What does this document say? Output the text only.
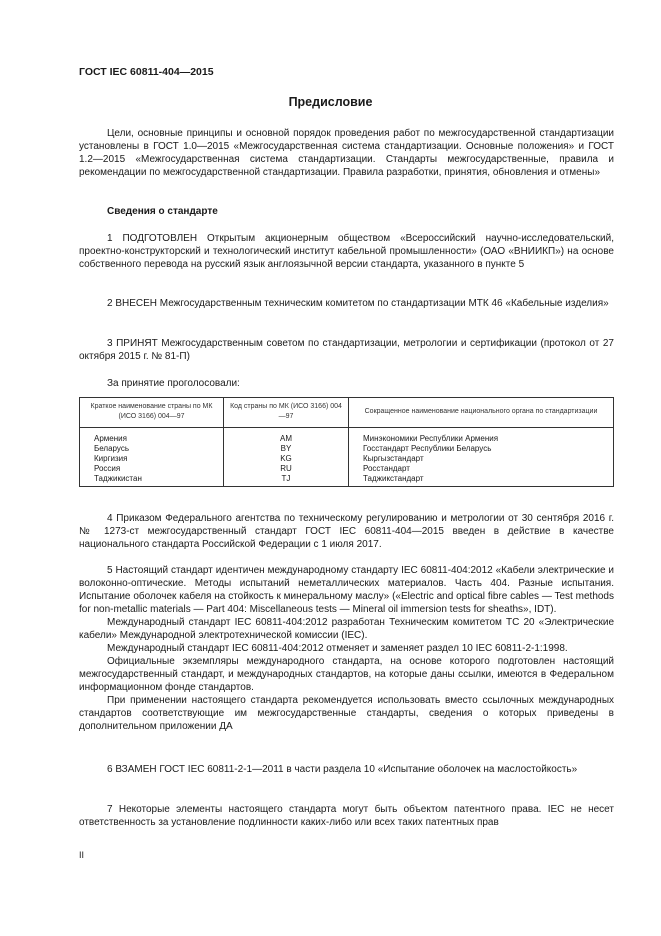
ГОСТ IEC 60811-404—2015
Предисловие

Цели, основные принципы и основной порядок проведения работ по межгосударственной стандартизации установлены в ГОСТ 1.0—2015 «Межгосударственная система стандартизации. Основные положения» и ГОСТ 1.2—2015 «Межгосударственная система стандартизации. Стандарты межгосударственные, правила и рекомендации по межгосударственной стандартизации. Правила разработки, принятия, обновления и отмены»

Сведения о стандарте

1 ПОДГОТОВЛЕН Открытым акционерным обществом «Всероссийский научно-исследовательский, проектно-конструкторский и технологический институт кабельной промышленности» (ОАО «ВНИИКП») на основе собственного перевода на русский язык англоязычной версии стандарта, указанного в пункте 5

2 ВНЕСЕН Межгосударственным техническим комитетом по стандартизации МТК 46 «Кабельные изделия»

3 ПРИНЯТ Межгосударственным советом по стандартизации, метрологии и сертификации (протокол от 27 октября 2015 г. № 81-П)

За принятие проголосовали:
Краткое наименование страны по МК (ИСО 3166) 004—97	Код страны по МК (ИСО 3166) 004—97	Сокращенное наименование национального органа по стандартизации
Армения	AM	Минэкономики Республики Армения
Беларусь	BY	Госстандарт Республики Беларусь
Киргизия	KG	Кыргызстандарт
Россия	RU	Росстандарт
Таджикистан	TJ	Таджикстандарт

4 Приказом Федерального агентства по техническому регулированию и метрологии от 30 сентября 2016 г. № 1273-ст межгосударственный стандарт ГОСТ IEC 60811-404—2015 введен в действие в качестве национального стандарта Российской Федерации с 1 июля 2017.

5 Настоящий стандарт идентичен международному стандарту IEC 60811-404:2012 «Кабели электрические и волоконно-оптические. Методы испытаний неметаллических материалов. Часть 404. Разные испытания. Испытание оболочек кабеля на стойкость к минеральному маслу» («Electric and optical fibre cables — Test methods for non-metallic materials — Part 404: Miscellaneous tests — Mineral oil immersion tests for sheaths», IDT).

Международный стандарт IEC 60811-404:2012 разработан Техническим комитетом ТС 20 «Электрические кабели» Международной электротехнической комиссии (IEC).

Международный стандарт IEC 60811-404:2012 отменяет и заменяет раздел 10 IEC 60811-2-1:1998.

Официальные экземпляры международного стандарта, на основе которого подготовлен настоящий межгосударственный стандарт, и международных стандартов, на которые даны ссылки, имеются в Федеральном информационном фонде стандартов.

При применении настоящего стандарта рекомендуется использовать вместо ссылочных международных стандартов соответствующие им межгосударственные стандарты, сведения о которых приведены в дополнительном приложении ДА

6 ВЗАМЕН ГОСТ IEC 60811-2-1—2011 в части раздела 10 «Испытание оболочек на маслостойкость»

7 Некоторые элементы настоящего стандарта могут быть объектом патентного права. IEC не несет ответственность за установление подлинности каких-либо или всех таких патентных прав

II
